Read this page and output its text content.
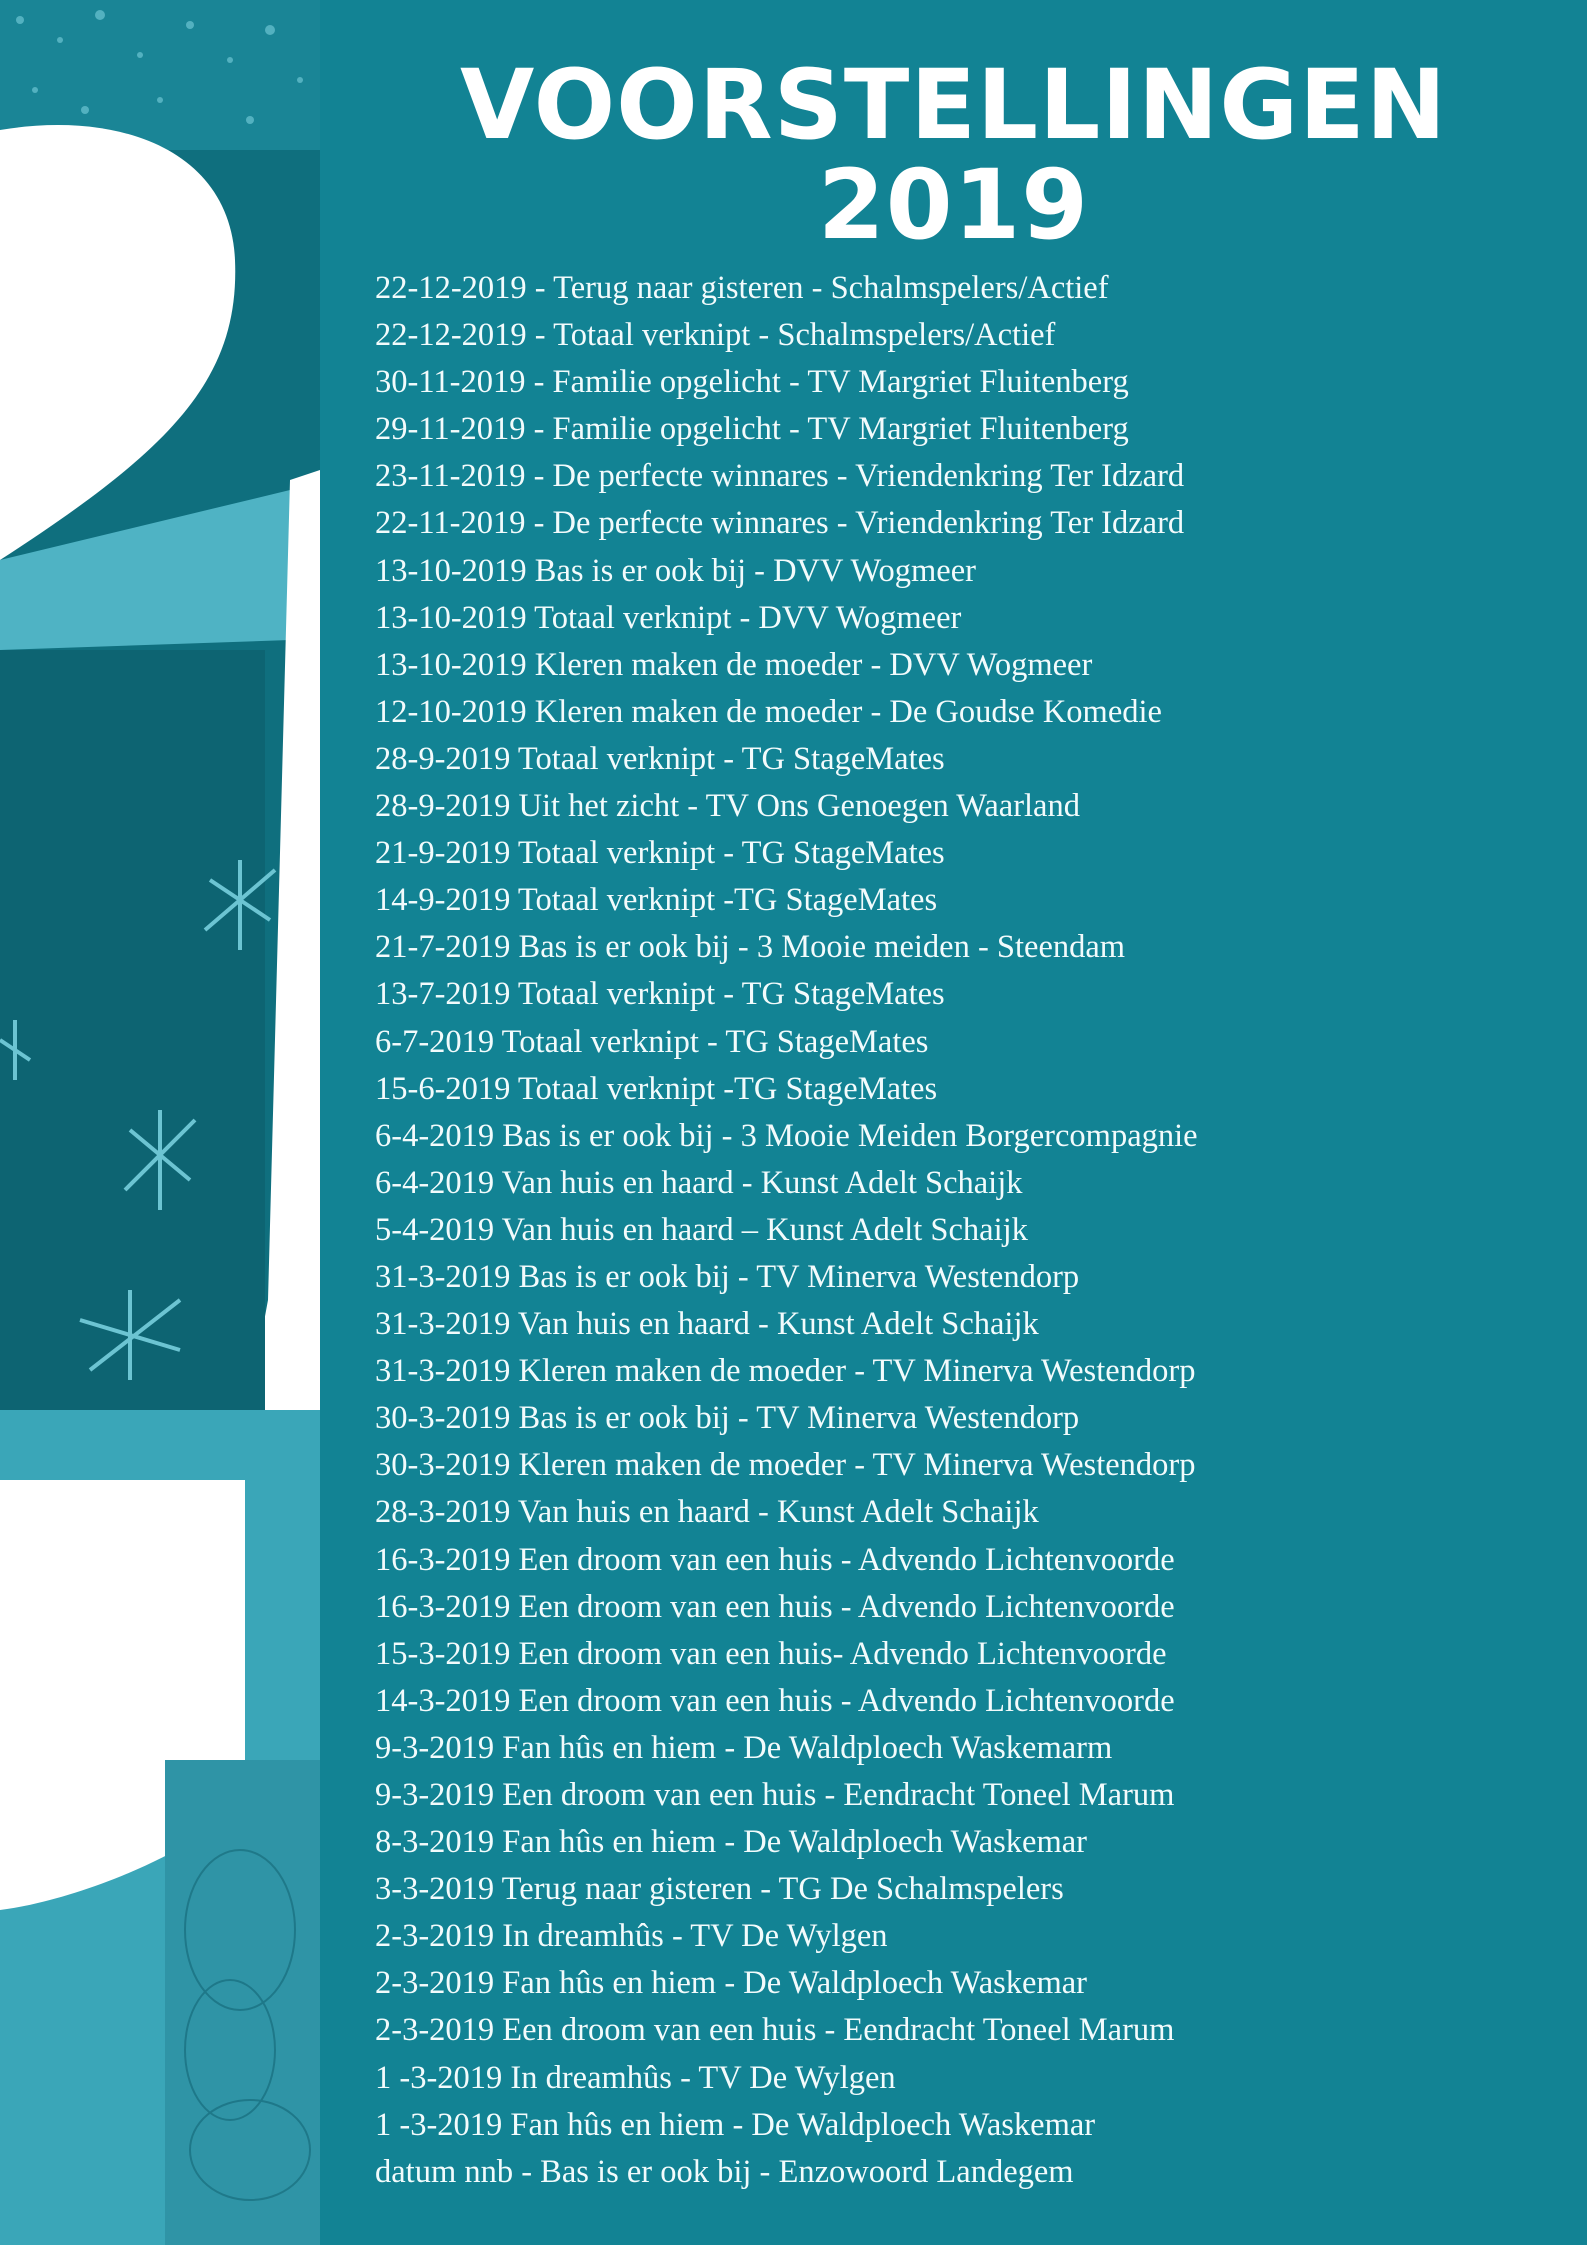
VOORSTELLINGEN
2019
22-12-2019 - Terug naar gisteren - Schalmspelers/Actief
22-12-2019 - Totaal verknipt - Schalmspelers/Actief
30-11-2019 - Familie opgelicht - TV Margriet Fluitenberg
29-11-2019 - Familie opgelicht - TV Margriet Fluitenberg
23-11-2019 - De perfecte winnares - Vriendenkring Ter Idzard
22-11-2019 - De perfecte winnares - Vriendenkring Ter Idzard
13-10-2019 Bas is er ook bij - DVV Wogmeer
13-10-2019 Totaal verknipt - DVV Wogmeer
13-10-2019 Kleren maken de moeder - DVV Wogmeer
12-10-2019 Kleren maken de moeder - De Goudse Komedie
28-9-2019 Totaal verknipt - TG StageMates
28-9-2019 Uit het zicht - TV Ons Genoegen Waarland
21-9-2019 Totaal verknipt - TG StageMates
14-9-2019 Totaal verknipt -TG StageMates
21-7-2019 Bas is er ook bij - 3 Mooie meiden - Steendam
13-7-2019 Totaal verknipt - TG StageMates
6-7-2019 Totaal verknipt - TG StageMates
15-6-2019 Totaal verknipt -TG StageMates
6-4-2019 Bas is er ook bij - 3 Mooie Meiden Borgercompagnie
6-4-2019 Van huis en haard - Kunst Adelt Schaijk
5-4-2019 Van huis en haard – Kunst Adelt Schaijk
31-3-2019 Bas is er ook bij - TV Minerva Westendorp
31-3-2019 Van huis en haard - Kunst Adelt Schaijk
31-3-2019 Kleren maken de moeder - TV Minerva Westendorp
30-3-2019 Bas is er ook bij - TV Minerva Westendorp
30-3-2019 Kleren maken de moeder - TV Minerva Westendorp
28-3-2019 Van huis en haard - Kunst Adelt Schaijk
16-3-2019 Een droom van een huis - Advendo Lichtenvoorde
16-3-2019 Een droom van een huis - Advendo Lichtenvoorde
15-3-2019 Een droom van een huis- Advendo Lichtenvoorde
14-3-2019 Een droom van een huis - Advendo Lichtenvoorde
9-3-2019 Fan hûs en hiem - De Waldploech Waskemarm
9-3-2019 Een droom van een huis - Eendracht Toneel Marum
8-3-2019 Fan hûs en hiem - De Waldploech Waskemar
3-3-2019 Terug naar gisteren - TG De Schalmspelers
2-3-2019 In dreamhûs - TV De Wylgen
2-3-2019 Fan hûs en hiem - De Waldploech Waskemar
2-3-2019 Een droom van een huis - Eendracht Toneel Marum
1 -3-2019 In dreamhûs - TV De Wylgen
1 -3-2019 Fan hûs en hiem - De Waldploech Waskemar
datum nnb - Bas is er ook bij - Enzowoord Landegem
